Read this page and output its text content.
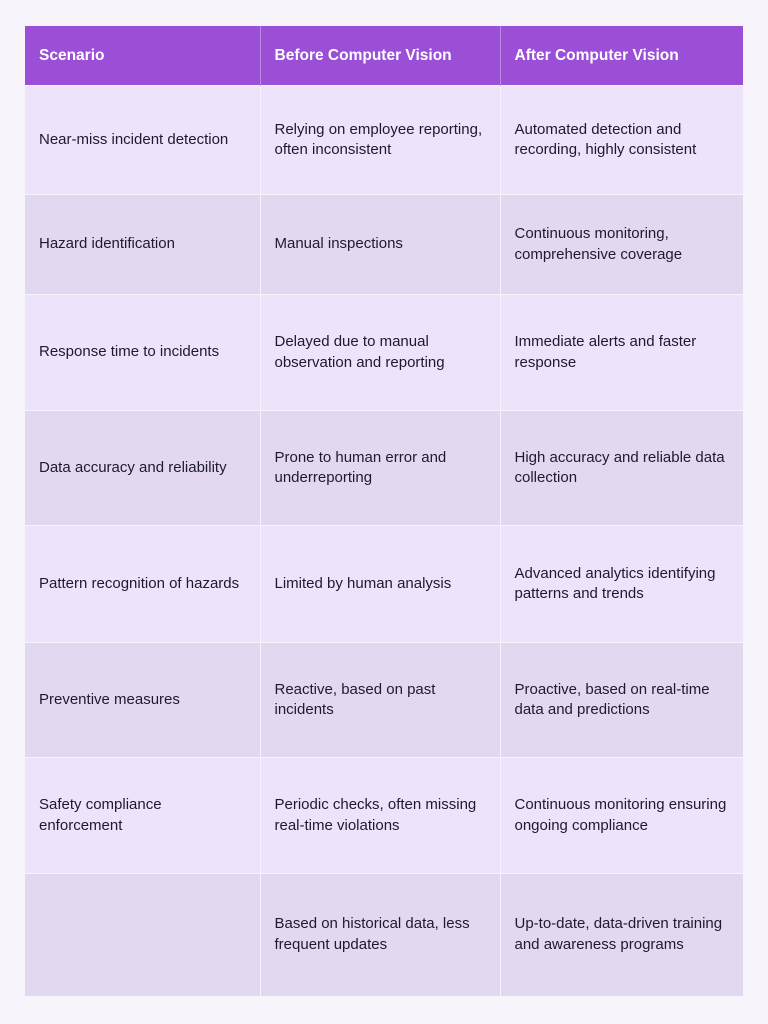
Scenario	Before Computer Vision	After Computer Vision
Near-miss incident detection	Relying on employee reporting, often inconsistent	Automated detection and recording, highly consistent
Hazard identification	Manual inspections	Continuous monitoring, comprehensive coverage
Response time to incidents	Delayed due to manual observation and reporting	Immediate alerts and faster response
Data accuracy and reliability	Prone to human error and underreporting	High accuracy and reliable data collection
Pattern recognition of hazards	Limited by human analysis	Advanced analytics identifying patterns and trends
Preventive measures	Reactive, based on past incidents	Proactive, based on real-time data and predictions
Safety compliance enforcement	Periodic checks, often missing real-time violations	Continuous monitoring ensuring ongoing compliance
	Based on historical data, less frequent updates	Up-to-date, data-driven training and awareness programs
